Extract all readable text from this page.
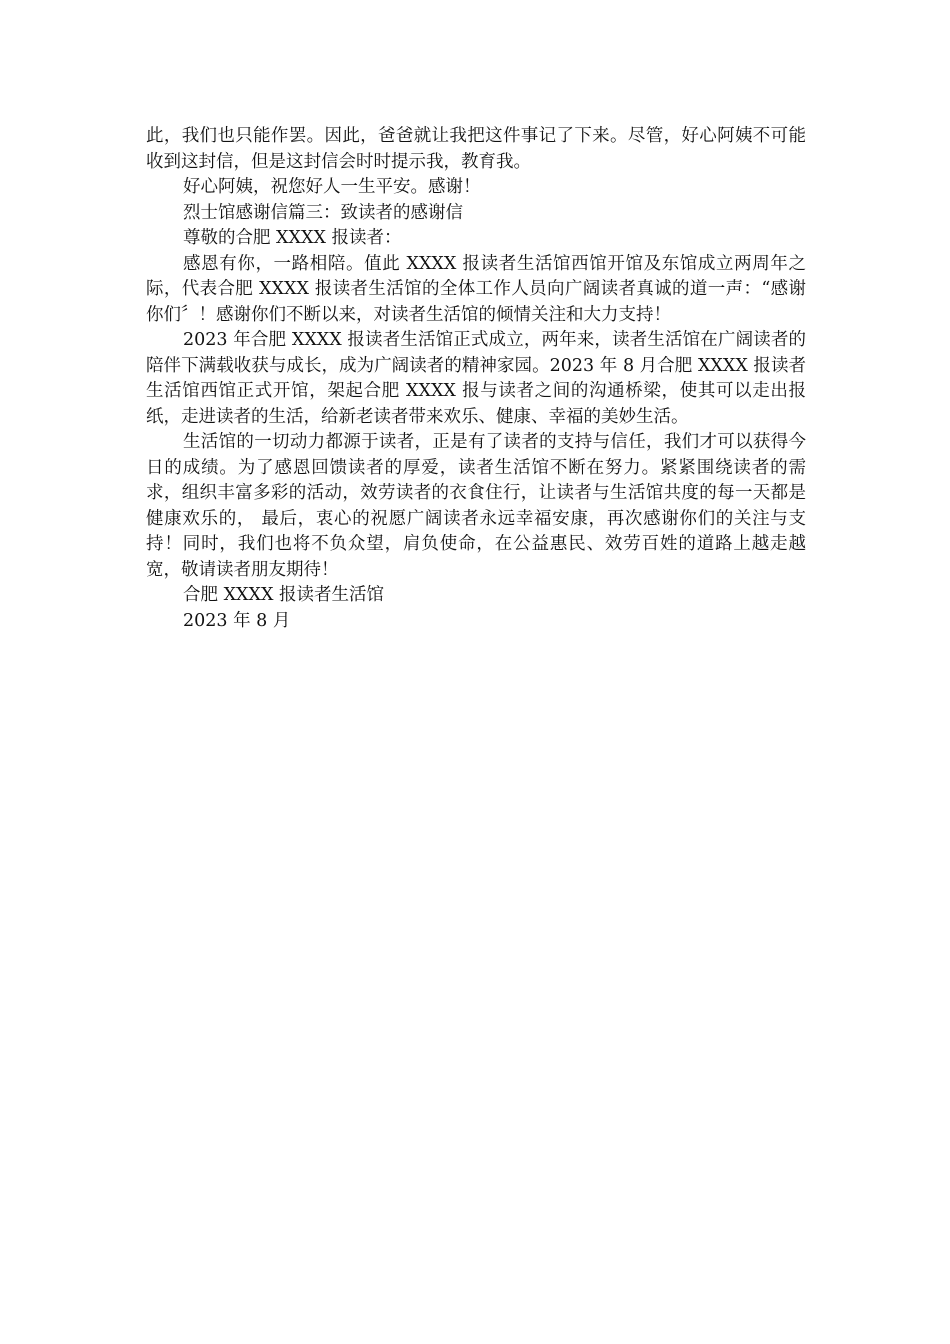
此，我们也只能作罢。因此，爸爸就让我把这件事记了下来。尽管，好心阿姨不可能收到这封信，但是这封信会时时提示我，教育我。

好心阿姨，祝您好人一生平安。感谢！

烈士馆感谢信篇三：致读者的感谢信

尊敬的合肥 XXXX 报读者：

感恩有你，一路相陪。值此 XXXX 报读者生活馆西馆开馆及东馆成立两周年之际，代表合肥 XXXX 报读者生活馆的全体工作人员向广阔读者真诚的道一声：“感谢你们〞！感谢你们不断以来，对读者生活馆的倾情关注和大力支持！

2023 年合肥 XXXX 报读者生活馆正式成立，两年来，读者生活馆在广阔读者的陪伴下满载收获与成长，成为广阔读者的精神家园。2023 年 8 月合肥 XXXX 报读者生活馆西馆正式开馆，架起合肥 XXXX 报与读者之间的沟通桥梁，使其可以走出报纸，走进读者的生活，给新老读者带来欢乐、健康、幸福的美妙生活。

生活馆的一切动力都源于读者，正是有了读者的支持与信任，我们才可以获得今日的成绩。为了感恩回馈读者的厚爱，读者生活馆不断在努力。紧紧围绕读者的需求，组织丰富多彩的活动，效劳读者的衣食住行，让读者与生活馆共度的每一天都是健康欢乐的， 最后，衷心的祝愿广阔读者永远幸福安康，再次感谢你们的关注与支持！同时，我们也将不负众望，肩负使命，在公益惠民、效劳百姓的道路上越走越宽，敬请读者朋友期待！

合肥 XXXX 报读者生活馆

2023 年 8 月
